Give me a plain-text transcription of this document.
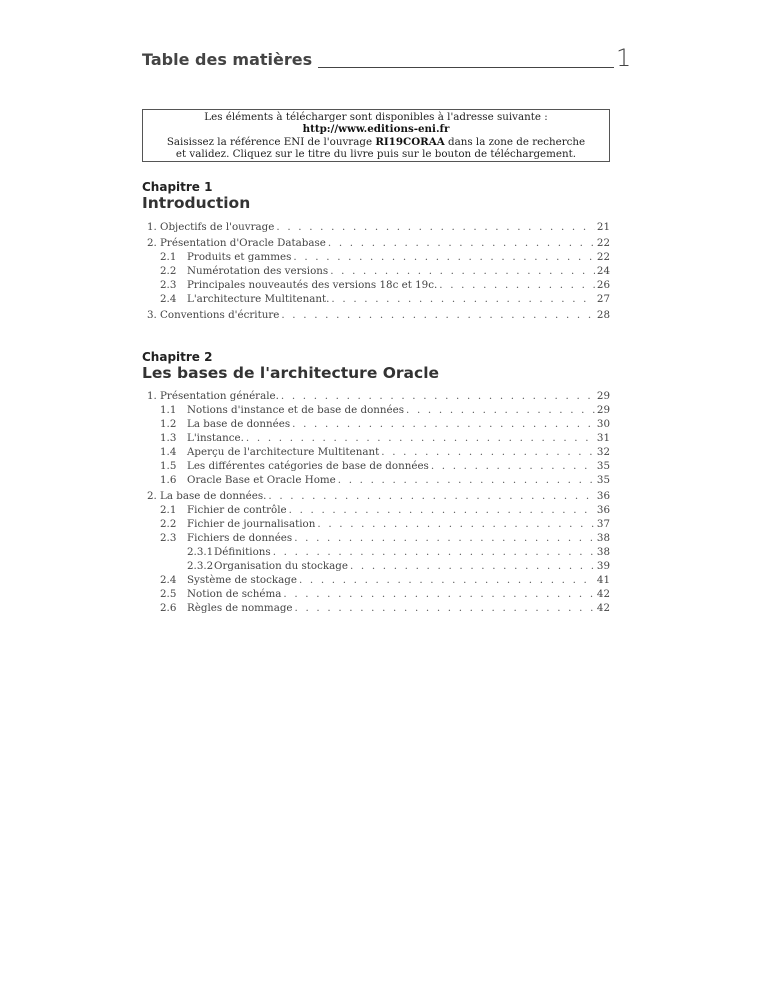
Table des matières	1
Les éléments à télécharger sont disponibles à l'adresse suivante :
http://www.editions-eni.fr
Saisissez la référence ENI de l'ouvrage RI19CORAA dans la zone de recherche
et validez. Cliquez sur le titre du livre puis sur le bouton de téléchargement.
Chapitre 1
Introduction
1. Objectifs de l'ouvrage . . .	21
2. Présentation d'Oracle Database . . .	22
2.1	Produits et gammes . . .	22
2.2	Numérotation des versions . . .	24
2.3	Principales nouveautés des versions 18c et 19c. . . .	26
2.4	L'architecture Multitenant. . . .	27
3. Conventions d'écriture . . .	28
Chapitre 2
Les bases de l'architecture Oracle
1. Présentation générale. . . .	29
1.1	Notions d'instance et de base de données . . .	29
1.2	La base de données . . .	30
1.3	L'instance. . . .	31
1.4	Aperçu de l'architecture Multitenant . . .	32
1.5	Les différentes catégories de base de données . . .	35
1.6	Oracle Base et Oracle Home . . .	35
2. La base de données. . . .	36
2.1	Fichier de contrôle . . .	36
2.2	Fichier de journalisation . . .	37
2.3	Fichiers de données . . .	38
2.3.1 Définitions . . .	38
2.3.2 Organisation du stockage . . .	39
2.4	Système de stockage . . .	41
2.5	Notion de schéma . . .	42
2.6	Règles de nommage . . .	42
